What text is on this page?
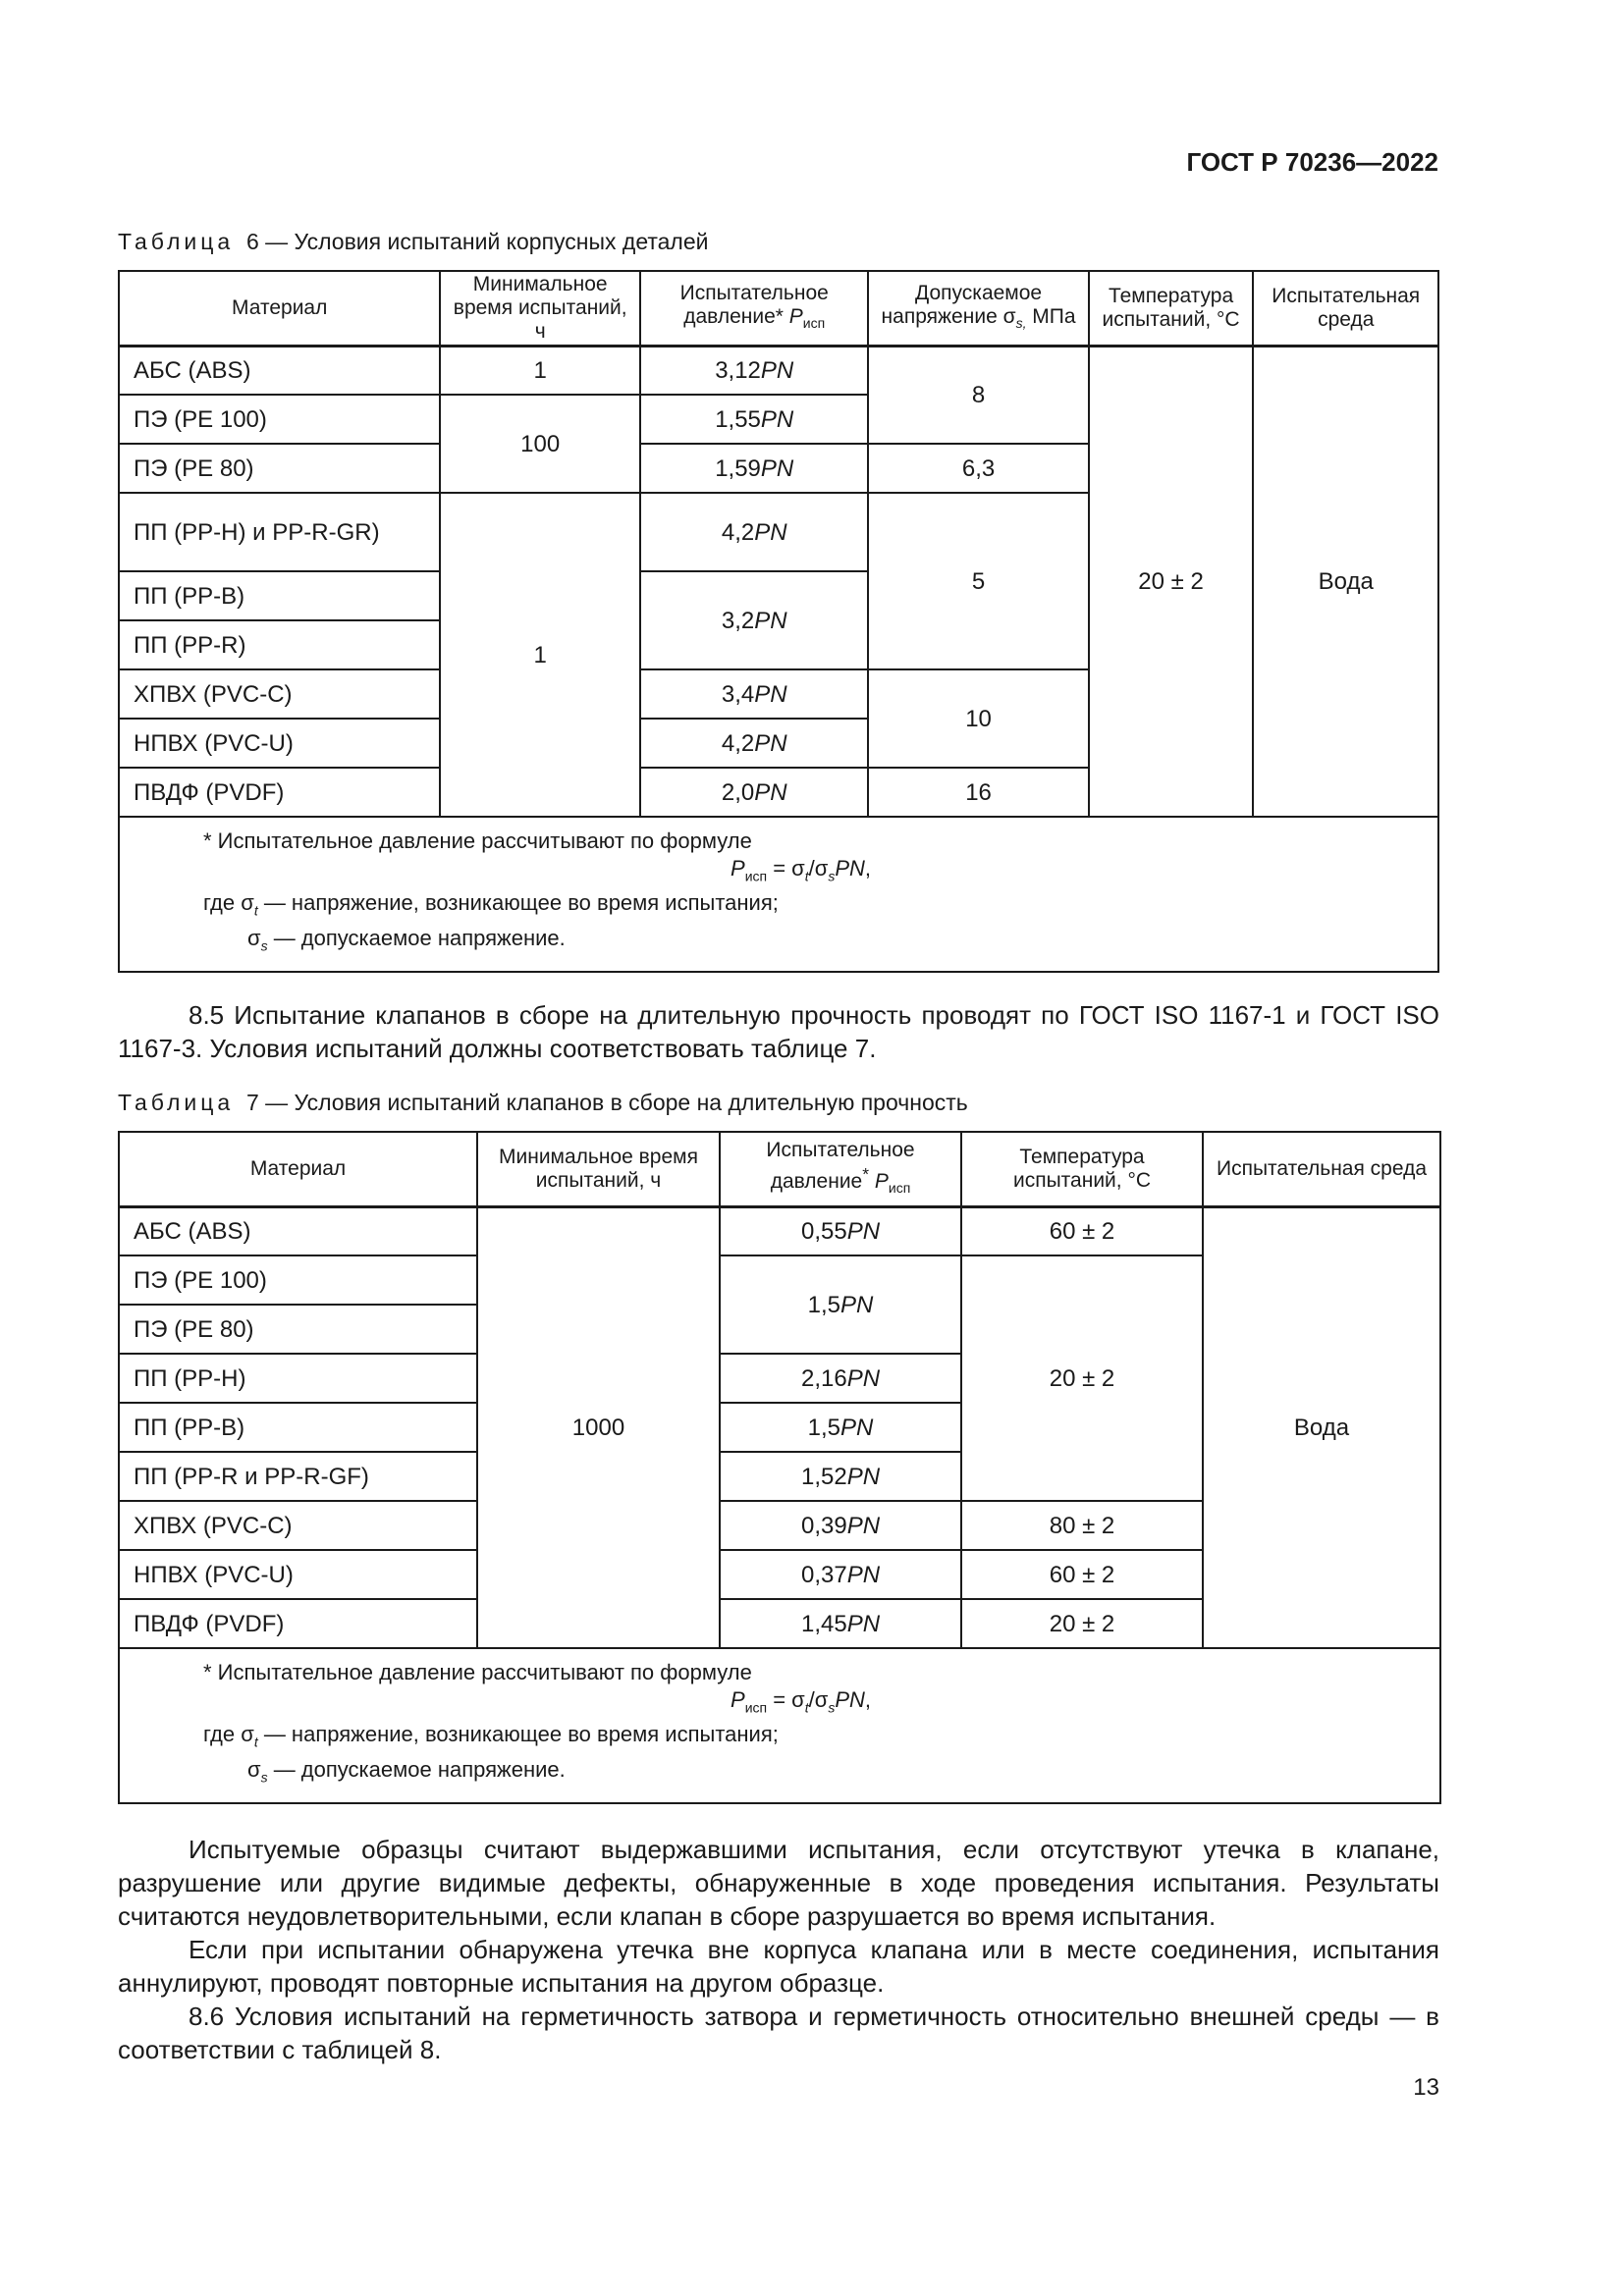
ГОСТ Р 70236—2022
Таблица 6 — Условия испытаний корпусных деталей
Материал	Минимальное время испытаний, ч	Испытательное давление* $P_{исп}$	Допускаемое напряжение $\sigma_{s,}$ МПа	Температура испытаний, °С	Испытательная среда
АБС (ABS)	1	3,12PN	8	20 ± 2	Вода
ПЭ (PE 100)	100	1,55PN			
ПЭ (PE 80)		1,59PN	6,3		
ПП (PP-H) и PP-R-GR)	1	4,2PN	5		
ПП (PP-B)		3,2PN			
ПП (PP-R)					
ХПВХ (PVC-C)		3,4PN	10		
НПВХ (PVC-U)		4,2PN			
ПВДФ (PVDF)		2,0PN	16		

* Испытательное давление рассчитывают по формуле
$P_{исп} = \sigma_t/\sigma_sPN$,
где $\sigma_t$ — напряжение, возникающее во время испытания;
$\sigma_s$ — допускаемое напряжение.					
8.5 Испытание клапанов в сборе на длительную прочность проводят по ГОСТ ISO 1167-1 и ГОСТ ISO 1167-3. Условия испытаний должны соответствовать таблице 7.
Таблица 7 — Условия испытаний клапанов в сборе на длительную прочность
Материал	Минимальное время испытаний, ч	Испытательное давление* $P_{исп}$	Температура испытаний, °С	Испытательная среда
АБС (ABS)	1000	0,55PN	60 ± 2	Вода
ПЭ (PE 100)		1,5PN	20 ± 2	
ПЭ (PE 80)				
ПП (PP-H)		2,16PN		
ПП (PP-B)		1,5PN		
ПП (PP-R и PP-R-GF)		1,52PN		
ХПВХ (PVC-C)		0,39PN	80 ± 2	
НПВХ (PVC-U)		0,37PN	60 ± 2	
ПВДФ (PVDF)		1,45PN	20 ± 2	

* Испытательное давление рассчитывают по формуле
$P_{исп} = \sigma_t/\sigma_sPN$,
где $\sigma_t$ — напряжение, возникающее во время испытания;
$\sigma_s$ — допускаемое напряжение.				
Испытуемые образцы считают выдержавшими испытания, если отсутствуют утечка в клапане, разрушение или другие видимые дефекты, обнаруженные в ходе проведения испытания. Результаты считаются неудовлетворительными, если клапан в сборе разрушается во время испытания.
Если при испытании обнаружена утечка вне корпуса клапана или в месте соединения, испытания аннулируют, проводят повторные испытания на другом образце.
8.6 Условия испытаний на герметичность затвора и герметичность относительно внешней среды — в соответствии с таблицей 8.
13
